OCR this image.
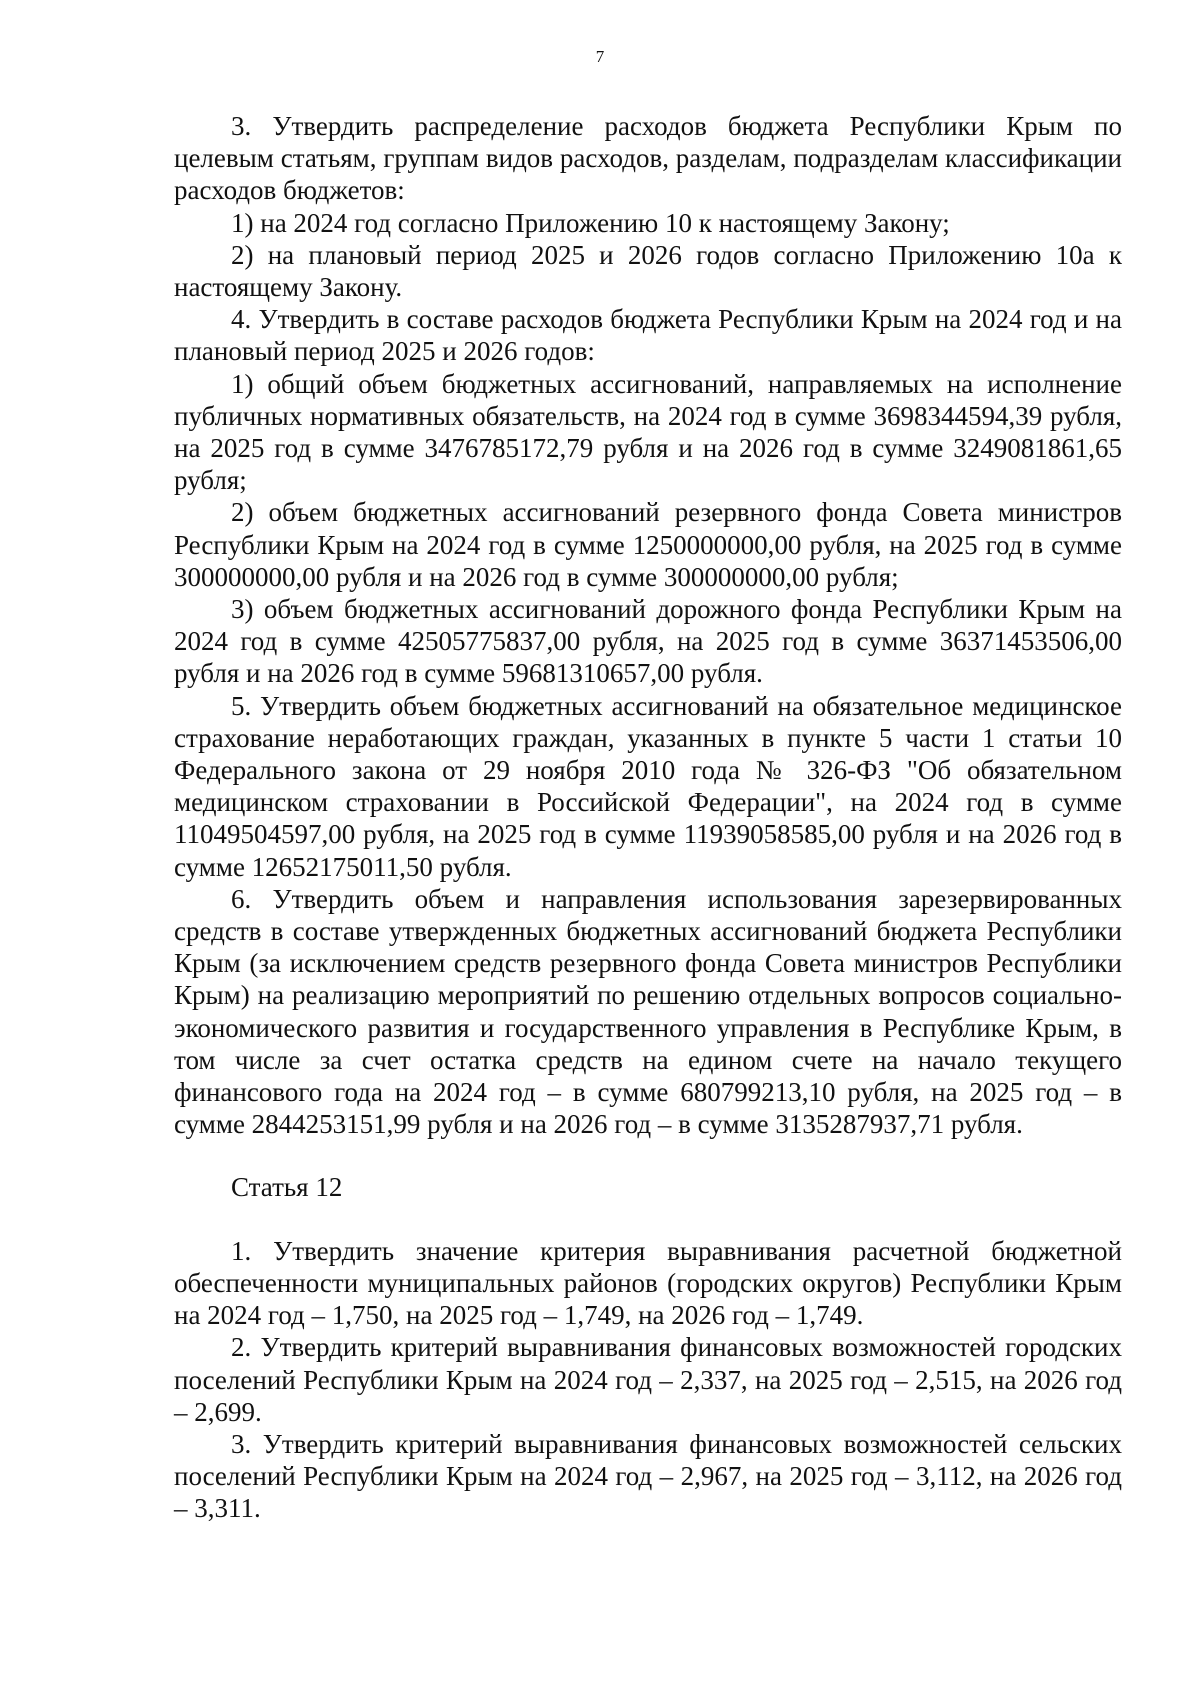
7

3. Утвердить распределение расходов бюджета Республики Крым по целевым статьям, группам видов расходов, разделам, подразделам классификации расходов бюджетов:

1) на 2024 год согласно Приложению 10 к настоящему Закону;

2) на плановый период 2025 и 2026 годов согласно Приложению 10а к настоящему Закону.

4. Утвердить в составе расходов бюджета Республики Крым на 2024 год и на плановый период 2025 и 2026 годов:

1) общий объем бюджетных ассигнований, направляемых на исполнение публичных нормативных обязательств, на 2024 год в сумме 3698344594,39 рубля, на 2025 год в сумме 3476785172,79 рубля и на 2026 год в сумме 3249081861,65 рубля;

2) объем бюджетных ассигнований резервного фонда Совета министров Республики Крым на 2024 год в сумме 1250000000,00 рубля, на 2025 год в сумме 300000000,00 рубля и на 2026 год в сумме 300000000,00 рубля;

3) объем бюджетных ассигнований дорожного фонда Республики Крым на 2024 год в сумме 42505775837,00 рубля, на 2025 год в сумме 36371453506,00 рубля и на 2026 год в сумме 59681310657,00 рубля.

5. Утвердить объем бюджетных ассигнований на обязательное медицинское страхование неработающих граждан, указанных в пункте 5 части 1 статьи 10 Федерального закона от 29 ноября 2010 года № 326-ФЗ "Об обязательном медицинском страховании в Российской Федерации", на 2024 год в сумме 11049504597,00 рубля, на 2025 год в сумме 11939058585,00 рубля и на 2026 год в сумме 12652175011,50 рубля.

6. Утвердить объем и направления использования зарезервированных средств в составе утвержденных бюджетных ассигнований бюджета Республики Крым (за исключением средств резервного фонда Совета министров Республики Крым) на реализацию мероприятий по решению отдельных вопросов социально-экономического развития и государственного управления в Республике Крым, в том числе за счет остатка средств на едином счете на начало текущего финансового года на 2024 год – в сумме 680799213,10 рубля, на 2025 год – в сумме 2844253151,99 рубля и на 2026 год – в сумме 3135287937,71 рубля.

Статья 12

1. Утвердить значение критерия выравнивания расчетной бюджетной обеспеченности муниципальных районов (городских округов) Республики Крым на 2024 год – 1,750, на 2025 год – 1,749, на 2026 год – 1,749.

2. Утвердить критерий выравнивания финансовых возможностей городских поселений Республики Крым на 2024 год – 2,337, на 2025 год – 2,515, на 2026 год – 2,699.

3. Утвердить критерий выравнивания финансовых возможностей сельских поселений Республики Крым на 2024 год – 2,967, на 2025 год – 3,112, на 2026 год – 3,311.
